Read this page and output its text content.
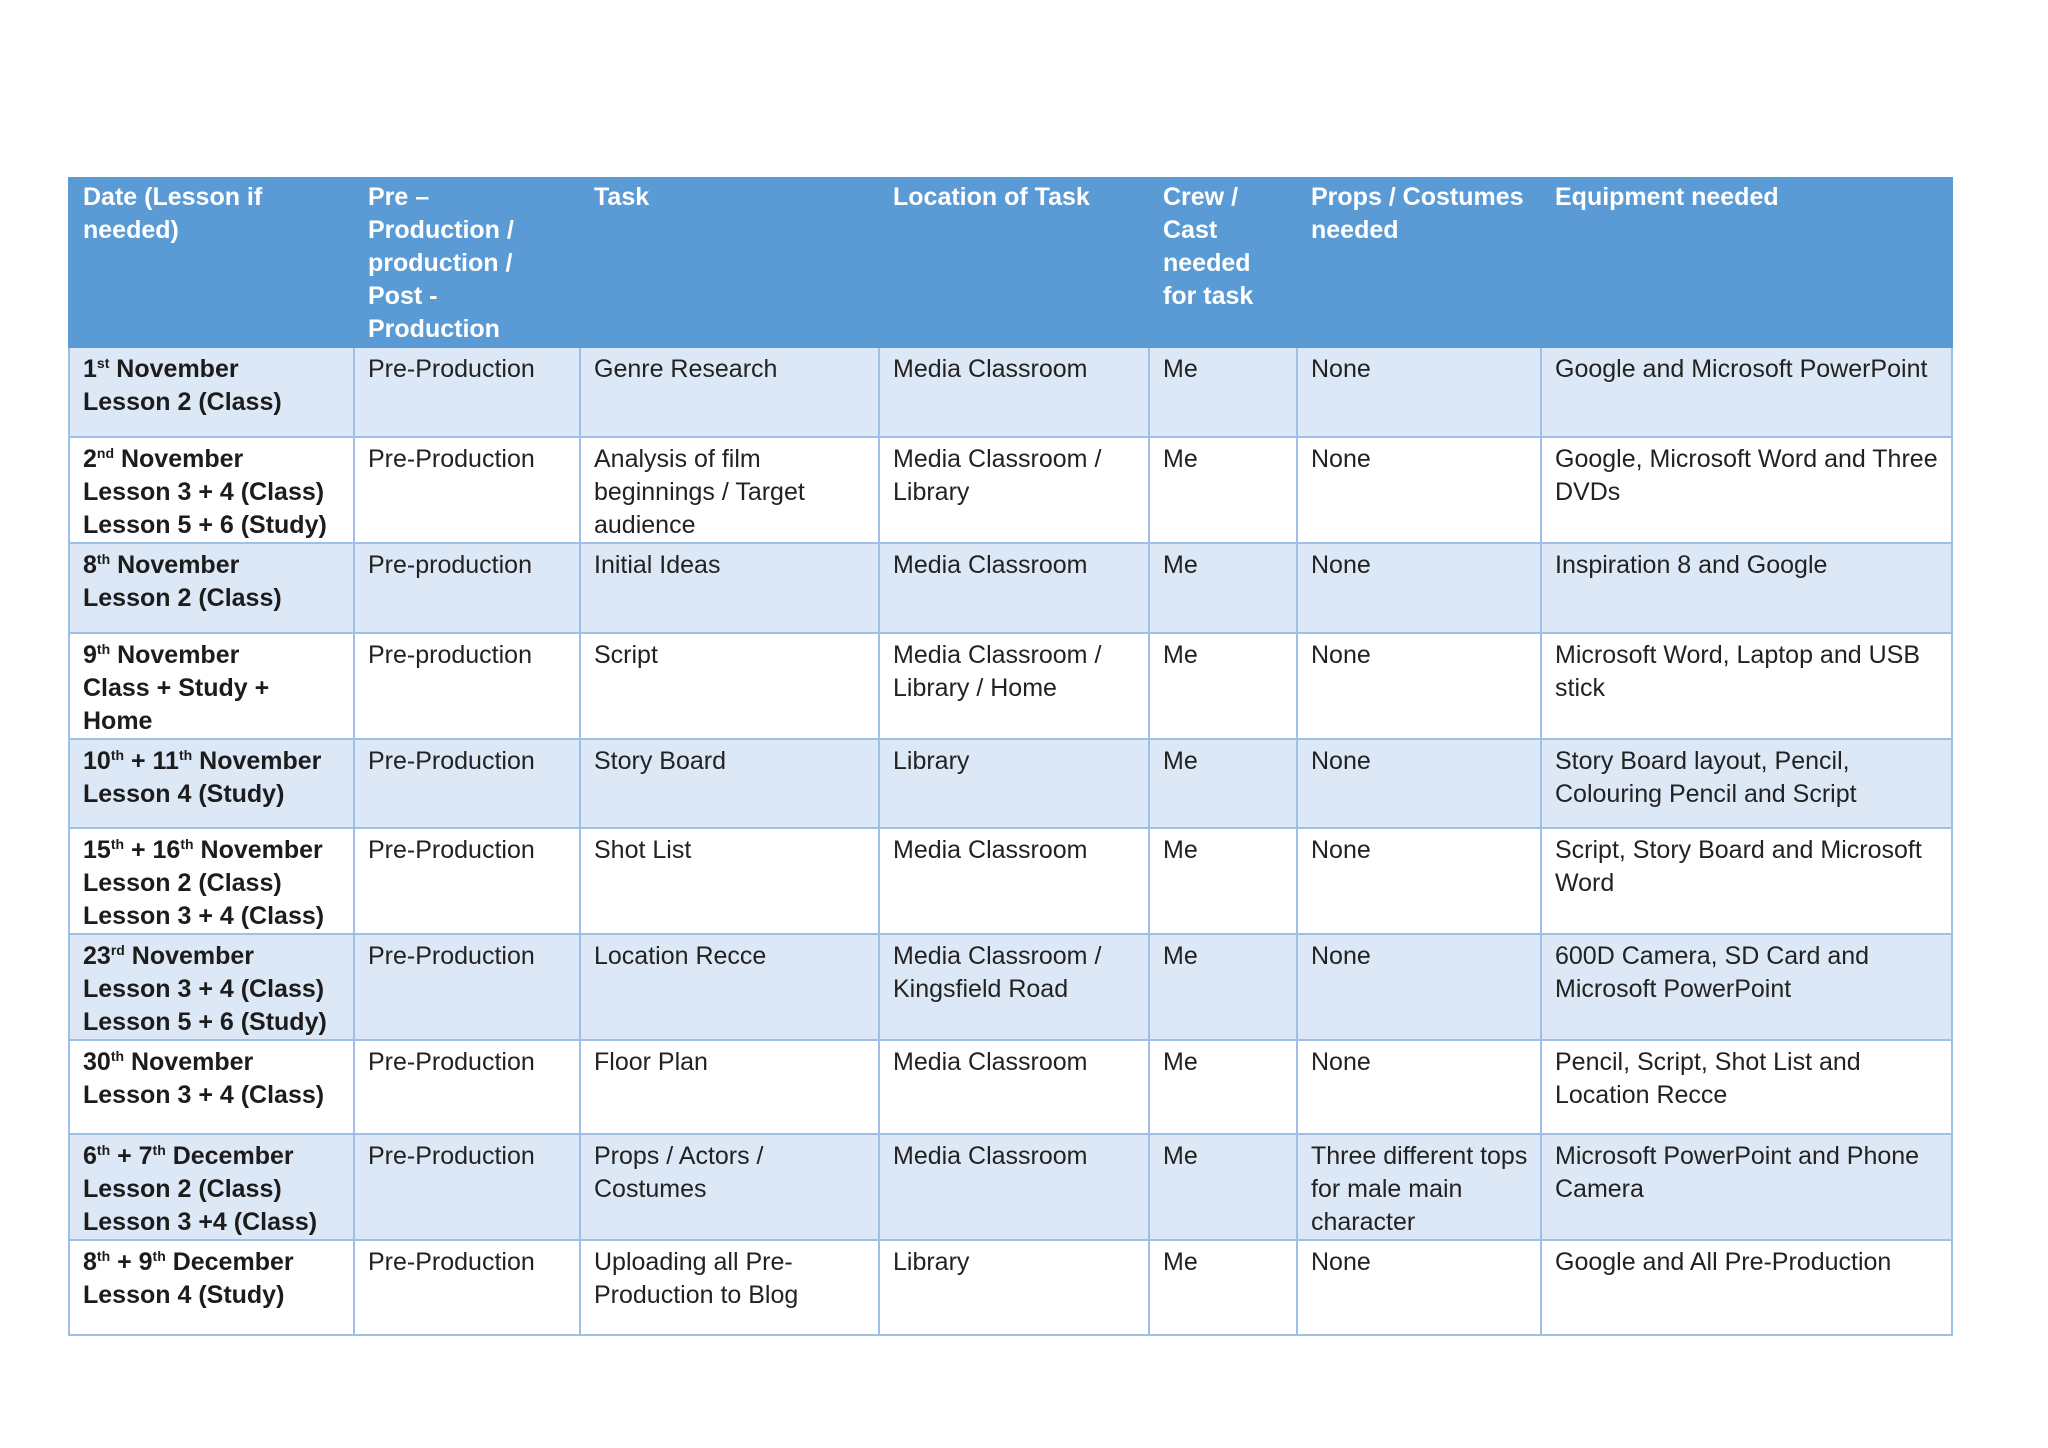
Date (Lesson if needed)	Pre – Production / production / Post - Production	Task	Location of Task	Crew / Cast needed for task	Props / Costumes needed	Equipment needed

1st November
Lesson 2 (Class)	Pre-Production	Genre Research	Media Classroom	Me	None	Google and Microsoft PowerPoint

2nd November
Lesson 3 + 4 (Class)
Lesson 5 + 6 (Study)	Pre-Production	Analysis of film beginnings / Target audience	Media Classroom / Library	Me	None	Google, Microsoft Word and Three DVDs

8th November
Lesson 2 (Class)	Pre-production	Initial Ideas	Media Classroom	Me	None	Inspiration 8 and Google

9th November
Class + Study + Home	Pre-production	Script	Media Classroom / Library / Home	Me	None	Microsoft Word, Laptop and USB stick

10th + 11th November
Lesson 4 (Study)	Pre-Production	Story Board	Library	Me	None	Story Board layout, Pencil, Colouring Pencil and Script

15th + 16th November
Lesson 2 (Class)
Lesson 3 + 4 (Class)	Pre-Production	Shot List	Media Classroom	Me	None	Script, Story Board and Microsoft Word

23rd November
Lesson 3 + 4 (Class)
Lesson 5 + 6 (Study)	Pre-Production	Location Recce	Media Classroom / Kingsfield Road	Me	None	600D Camera, SD Card and Microsoft PowerPoint

30th November
Lesson 3 + 4 (Class)	Pre-Production	Floor Plan	Media Classroom	Me	None	Pencil, Script, Shot List and Location Recce

6th + 7th December
Lesson 2 (Class)
Lesson 3 +4 (Class)	Pre-Production	Props / Actors / Costumes	Media Classroom	Me	Three different tops for male main character	Microsoft PowerPoint and Phone Camera

8th + 9th December
Lesson 4 (Study)	Pre-Production	Uploading all Pre-Production to Blog	Library	Me	None	Google and All Pre-Production
